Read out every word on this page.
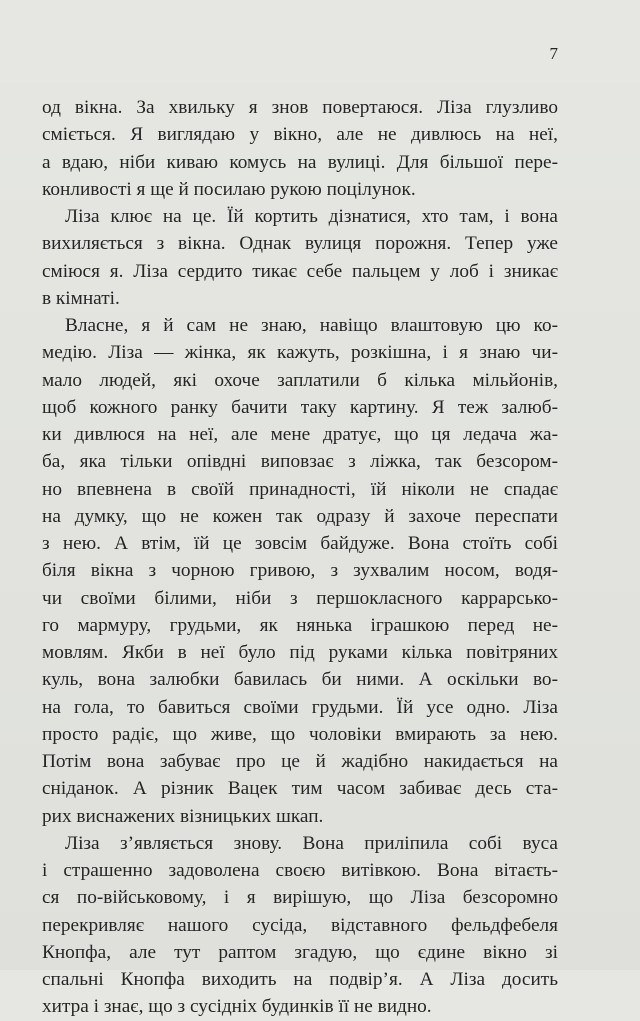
7
од вікна. За хвильку я знов повертаюся. Ліза глузливо
сміється. Я виглядаю у вікно, але не дивлюсь на неї,
а вдаю, ніби киваю комусь на вулиці. Для більшої пере-
конливості я ще й посилаю рукою поцілунок.
Ліза клює на це. Їй кортить дізнатися, хто там, і вона
вихиляється з вікна. Однак вулиця порожня. Тепер уже
сміюся я. Ліза сердито тикає себе пальцем у лоб і зникає
в кімнаті.
Власне, я й сам не знаю, навіщо влаштовую цю ко-
медію. Ліза — жінка, як кажуть, розкішна, і я знаю чи-
мало людей, які охоче заплатили б кілька мільйонів,
щоб кожного ранку бачити таку картину. Я теж залюб-
ки дивлюся на неї, але мене дратує, що ця ледача жа-
ба, яка тільки опівдні виповзає з ліжка, так безсором-
но впевнена в своїй принадності, їй ніколи не спадає
на думку, що не кожен так одразу й захоче переспати
з нею. А втім, їй це зовсім байдуже. Вона стоїть собі
біля вікна з чорною гривою, з зухвалим носом, водя-
чи своїми білими, ніби з першокласного каррарсько-
го мармуру, грудьми, як нянька іграшкою перед не-
мовлям. Якби в неї було під руками кілька повітряних
куль, вона залюбки бавилась би ними. А оскільки во-
на гола, то бавиться своїми грудьми. Їй усе одно. Ліза
просто радіє, що живе, що чоловіки вмирають за нею.
Потім вона забуває про це й жадібно накидається на
сніданок. А різник Вацек тим часом забиває десь ста-
рих виснажених візницьких шкап.
Ліза з’являється знову. Вона приліпила собі вуса
і страшенно задоволена своєю витівкою. Вона вітаєть-
ся по-військовому, і я вирішую, що Ліза безсоромно
перекривляє нашого сусіда, відставного фельдфебеля
Кнопфа, але тут раптом згадую, що єдине вікно зі
спальні Кнопфа виходить на подвір’я. А Ліза досить
хитра і знає, що з сусідніх будинків її не видно.
